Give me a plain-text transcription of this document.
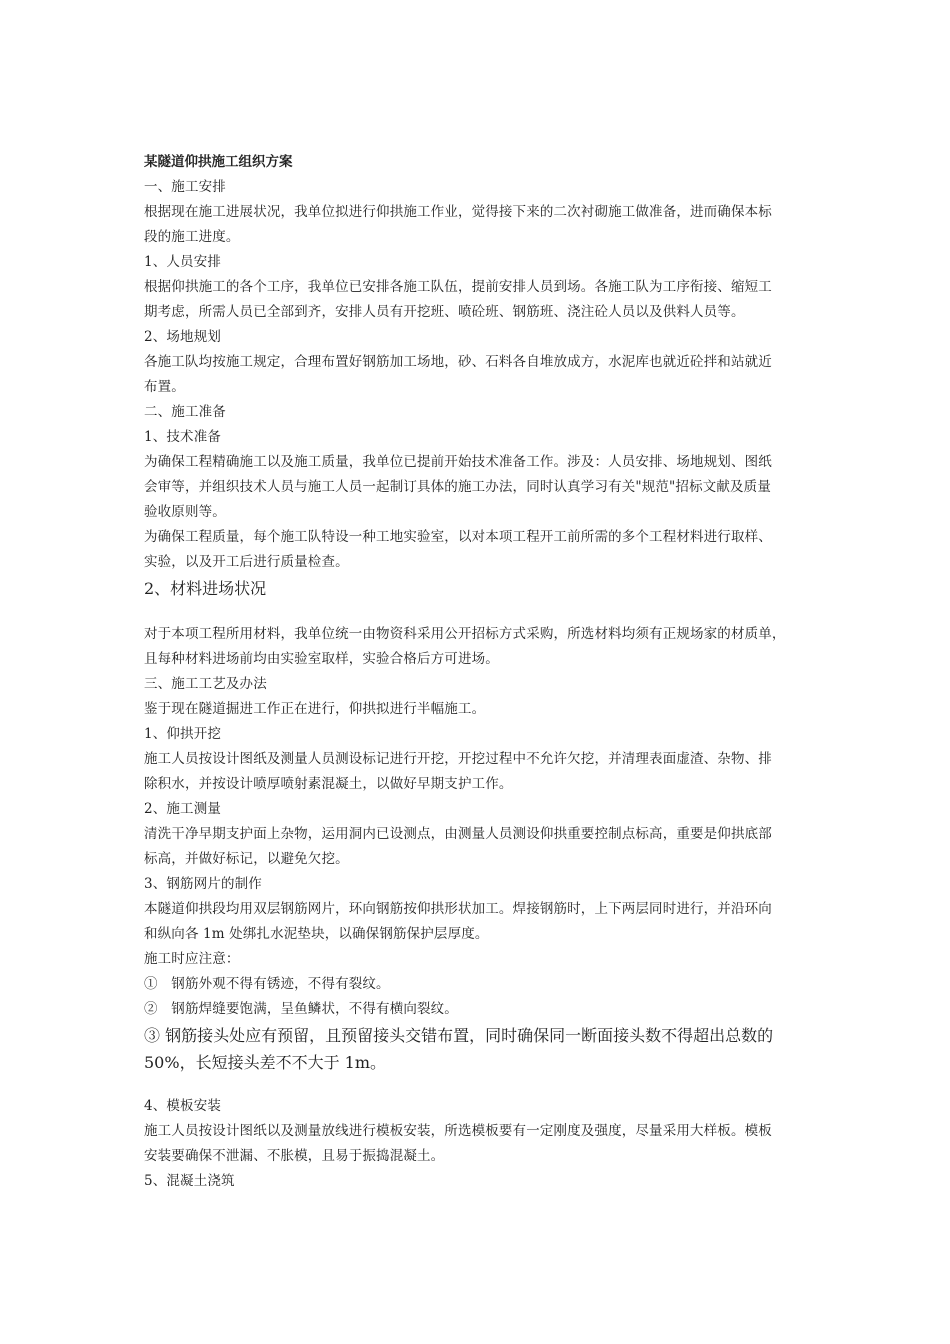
某隧道仰拱施工组织方案
一、施工安排
根据现在施工进展状况，我单位拟进行仰拱施工作业，觉得接下来的二次衬砌施工做准备，进而确保本标
段的施工进度。
1、人员安排
根据仰拱施工的各个工序，我单位已安排各施工队伍，提前安排人员到场。各施工队为工序衔接、缩短工
期考虑，所需人员已全部到齐，安排人员有开挖班、喷砼班、钢筋班、浇注砼人员以及供料人员等。
2、场地规划
各施工队均按施工规定，合理布置好钢筋加工场地，砂、石料各自堆放成方，水泥库也就近砼拌和站就近
布置。
二、施工准备
1、技术准备
为确保工程精确施工以及施工质量，我单位已提前开始技术准备工作。涉及：人员安排、场地规划、图纸
会审等，并组织技术人员与施工人员一起制订具体的施工办法，同时认真学习有关"规范"招标文献及质量
验收原则等。
为确保工程质量，每个施工队特设一种工地实验室，以对本项工程开工前所需的多个工程材料进行取样、
实验，以及开工后进行质量检查。
2、材料进场状况
对于本项工程所用材料，我单位统一由物资科采用公开招标方式采购，所选材料均须有正规场家的材质单，
且每种材料进场前均由实验室取样，实验合格后方可进场。
三、施工工艺及办法
鉴于现在隧道掘进工作正在进行，仰拱拟进行半幅施工。
1、仰拱开挖
施工人员按设计图纸及测量人员测设标记进行开挖，开挖过程中不允许欠挖，并清理表面虚渣、杂物、排
除积水，并按设计喷厚喷射素混凝土，以做好早期支护工作。
2、施工测量
清洗干净早期支护面上杂物，运用洞内已设测点，由测量人员测设仰拱重要控制点标高，重要是仰拱底部
标高，并做好标记，以避免欠挖。
3、钢筋网片的制作
本隧道仰拱段均用双层钢筋网片，环向钢筋按仰拱形状加工。焊接钢筋时，上下两层同时进行，并沿环向
和纵向各 1m 处绑扎水泥垫块，以确保钢筋保护层厚度。
施工时应注意：
①　钢筋外观不得有锈迹，不得有裂纹。
②　钢筋焊缝要饱满，呈鱼鳞状，不得有横向裂纹。
③ 钢筋接头处应有预留，且预留接头交错布置，同时确保同一断面接头数不得超出总数的
50%，长短接头差不不大于 1m。
4、模板安装
施工人员按设计图纸以及测量放线进行模板安装，所选模板要有一定刚度及强度，尽量采用大样板。模板
安装要确保不泄漏、不胀模，且易于振捣混凝土。
5、混凝土浇筑
